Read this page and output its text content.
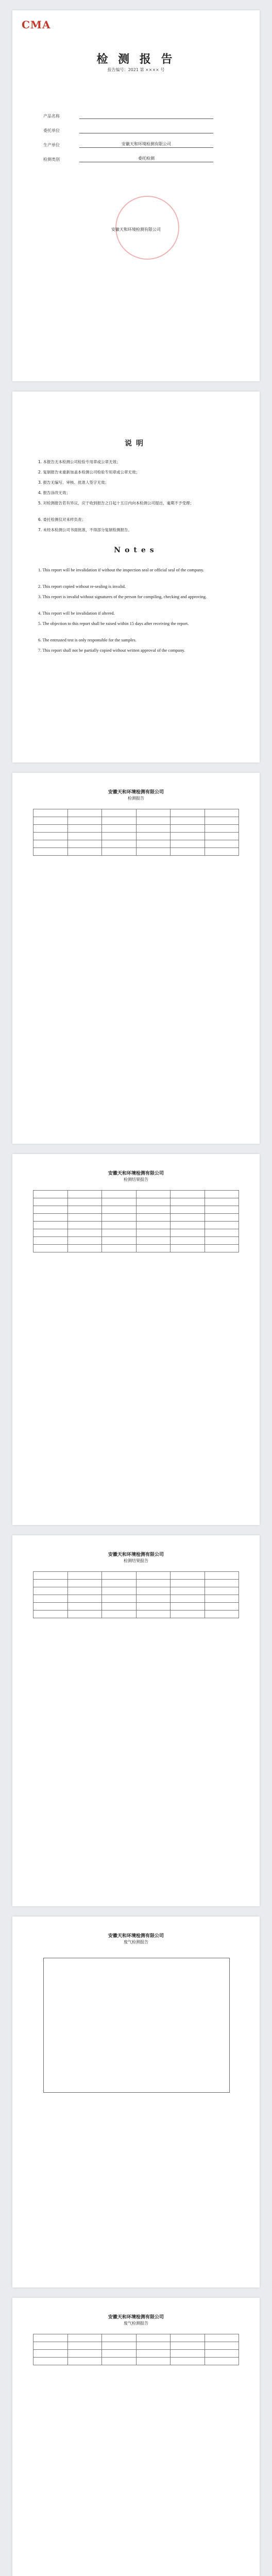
CMA
检 测 报 告
报告编号：2021 第 ×××× 号
产品名称
委托单位
生产单位	安徽天和环境检测有限公司
检测类别	委托检测
安徽天和环境检测有限公司
说明
1. 本报告无本检测公司检验专用章或公章无效；
2. 复制报告未重新加盖本检测公司检验专用章或公章无效；
3. 报告无编写、审核、批准人签字无效；
4. 报告涂改无效；
5. 对检测报告若有异议，应于收到报告之日起十五日内向本检测公司提出，逾期不予受理；
6. 委托检测仅对来样负责；
7. 未经本检测公司书面批准，不得部分复制检测报告。
Notes
1. This report will be invalidation if without the inspection seal or official seal of the company.
2. This report copied without re-sealing is invalid.
3. This report is invalid without signatures of the person for compiling, checking and approving.
4. This report will be invalidation if altered.
5. The objection to this report shall be raised within 15 days after receiving the report.
6. The entrusted test is only responsible for the samples.
7. This report shall not be partially copied without written approval of the company.
安徽天和环境检测有限公司
检测报告

安徽天和环境检测有限公司
检测结果报告

安徽天和环境检测有限公司
检测结果报告

安徽天和环境检测有限公司
废气检测报告
安徽天和环境检测有限公司
废气检测报告
